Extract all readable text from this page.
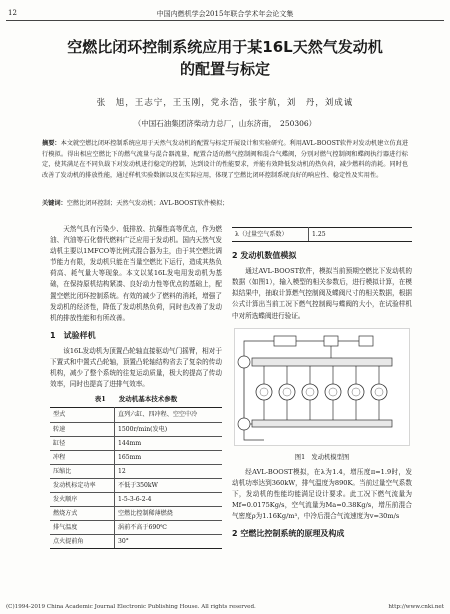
12	中国内燃机学会2015年联合学术年会论文集
空燃比闭环控制系统应用于某16L天然气发动机
的配置与标定
张　旭，王志宁，王玉刚，党永浩，张宇航，刘　丹，刘成诚
（中国石油集团济柴动力总厂，山东济南，　250306）
摘要：本文就空燃比闭环控制系统应用于天然气发动机的配置与标定开展设计和实验研究。利用AVL-BOOST软件对发动机建立仿真进行模拟。得出相应空燃比下的燃气流量与混合器流量，配置合适的燃气控制阀和混合气蝶阀，分别对燃气控制阀和蝶阀执行器进行标定，使其满足在不同负载下对发动机进行稳定的控制，达到设计的性能要求，并能有效降低发动机的热负荷，减少燃料的消耗。同时也改善了发动机的排放性能，通过样机实验数据以及在实际应用，体现了空燃比闭环控制系统良好的响应性、稳定性及实用性。
关键词：空燃比闭环控制；天然气发动机；AVL-BOOST软件模拟；

天然气具有污染少、低排放、抗爆性高等优点，作为燃油、汽油等石化替代燃料广泛应用于发动机。国内天然气发动机主要以1MFCO等比例式混合器为主，由于其空燃比调节能力有限，发动机只能在当量空燃比下运行，造成其热负荷高、耗气量大等现象。本文以某16L发电用发动机为基础，在保持原机结构紧凑、良好动力性等优点的基础上，配置空燃比闭环控制系统。有效的减少了燃料的消耗，增强了发动机的经济性，降低了发动机热负荷，同时也改善了发动机的排放性能和有所改善。

1　试验样机

该16L发动机为顶置凸轮轴直接驱动气门摇臂，相对于下置式和中置式凸轮轴，顶置凸轮轴结构省去了复杂的传动机构，减少了整个系统的往复运动质量，极大的提高了传动效率，同时也提高了进排气效率。

表1　　发动机基本技术参数
型式	直列六缸、四冲程、空空中冷
转速	1500r/min(发电)
缸径	144mm
冲程	165mm
压缩比	12
发动机标定功率	不低于350kW
发火顺序	1-5-3-6-2-4
燃烧方式	空燃比控制稀薄燃烧
排气温度	涡前不高于690℃
点火提前角	30°
λ（过量空气系数）	1.25
2 发动机数值模拟

通过AVL-BOOST软件，模拟当前预期空燃比下发动机的数据（如图1），输入模型的相关参数后，进行模拟计算，在模拟结果中，抽取计算燃气控制阀及蝶阀尺寸的相关数据，根据公式计算出当前工况下燃气控制阀与蝶阀的大小，在试验样机中对所选蝶阀进行验证。

图1　发动机模型图

经AVL-BOOST模拟，在λ为1.4，增压度π=1.9时，发动机功率达到360kW，排气温度为890K。当前过量空气系数下，发动机的性能均能满足设计要求。此工况下燃气流量为Mf=0.0175Kg/s，空气流量为Ma=0.38Kg/s，增压前混合气密度ρ为1.16Kg/m³，中冷后混合气流速度为v=30m/s

2 空燃比控制系统的原理及构成
(C)1994-2019 China Academic Journal Electronic Publishing House. All rights reserved.	http://www.cnki.net
